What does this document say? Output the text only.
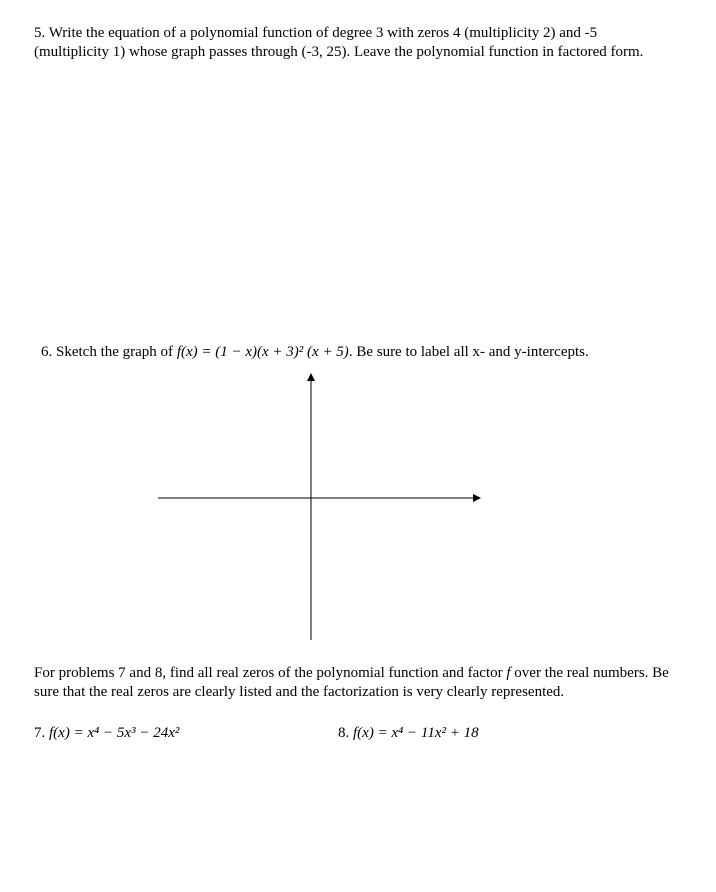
5. Write the equation of a polynomial function of degree 3 with zeros 4 (multiplicity 2) and -5 (multiplicity 1) whose graph passes through (-3, 25). Leave the polynomial function in factored form.
6. Sketch the graph of f(x) = (1 − x)(x + 3)² (x + 5). Be sure to label all x- and y-intercepts.
For problems 7 and 8, find all real zeros of the polynomial function and factor f over the real numbers. Be sure that the real zeros are clearly listed and the factorization is very clearly represented.
7. f(x) = x⁴ − 5x³ − 24x²	8. f(x) = x⁴ − 11x² + 18
